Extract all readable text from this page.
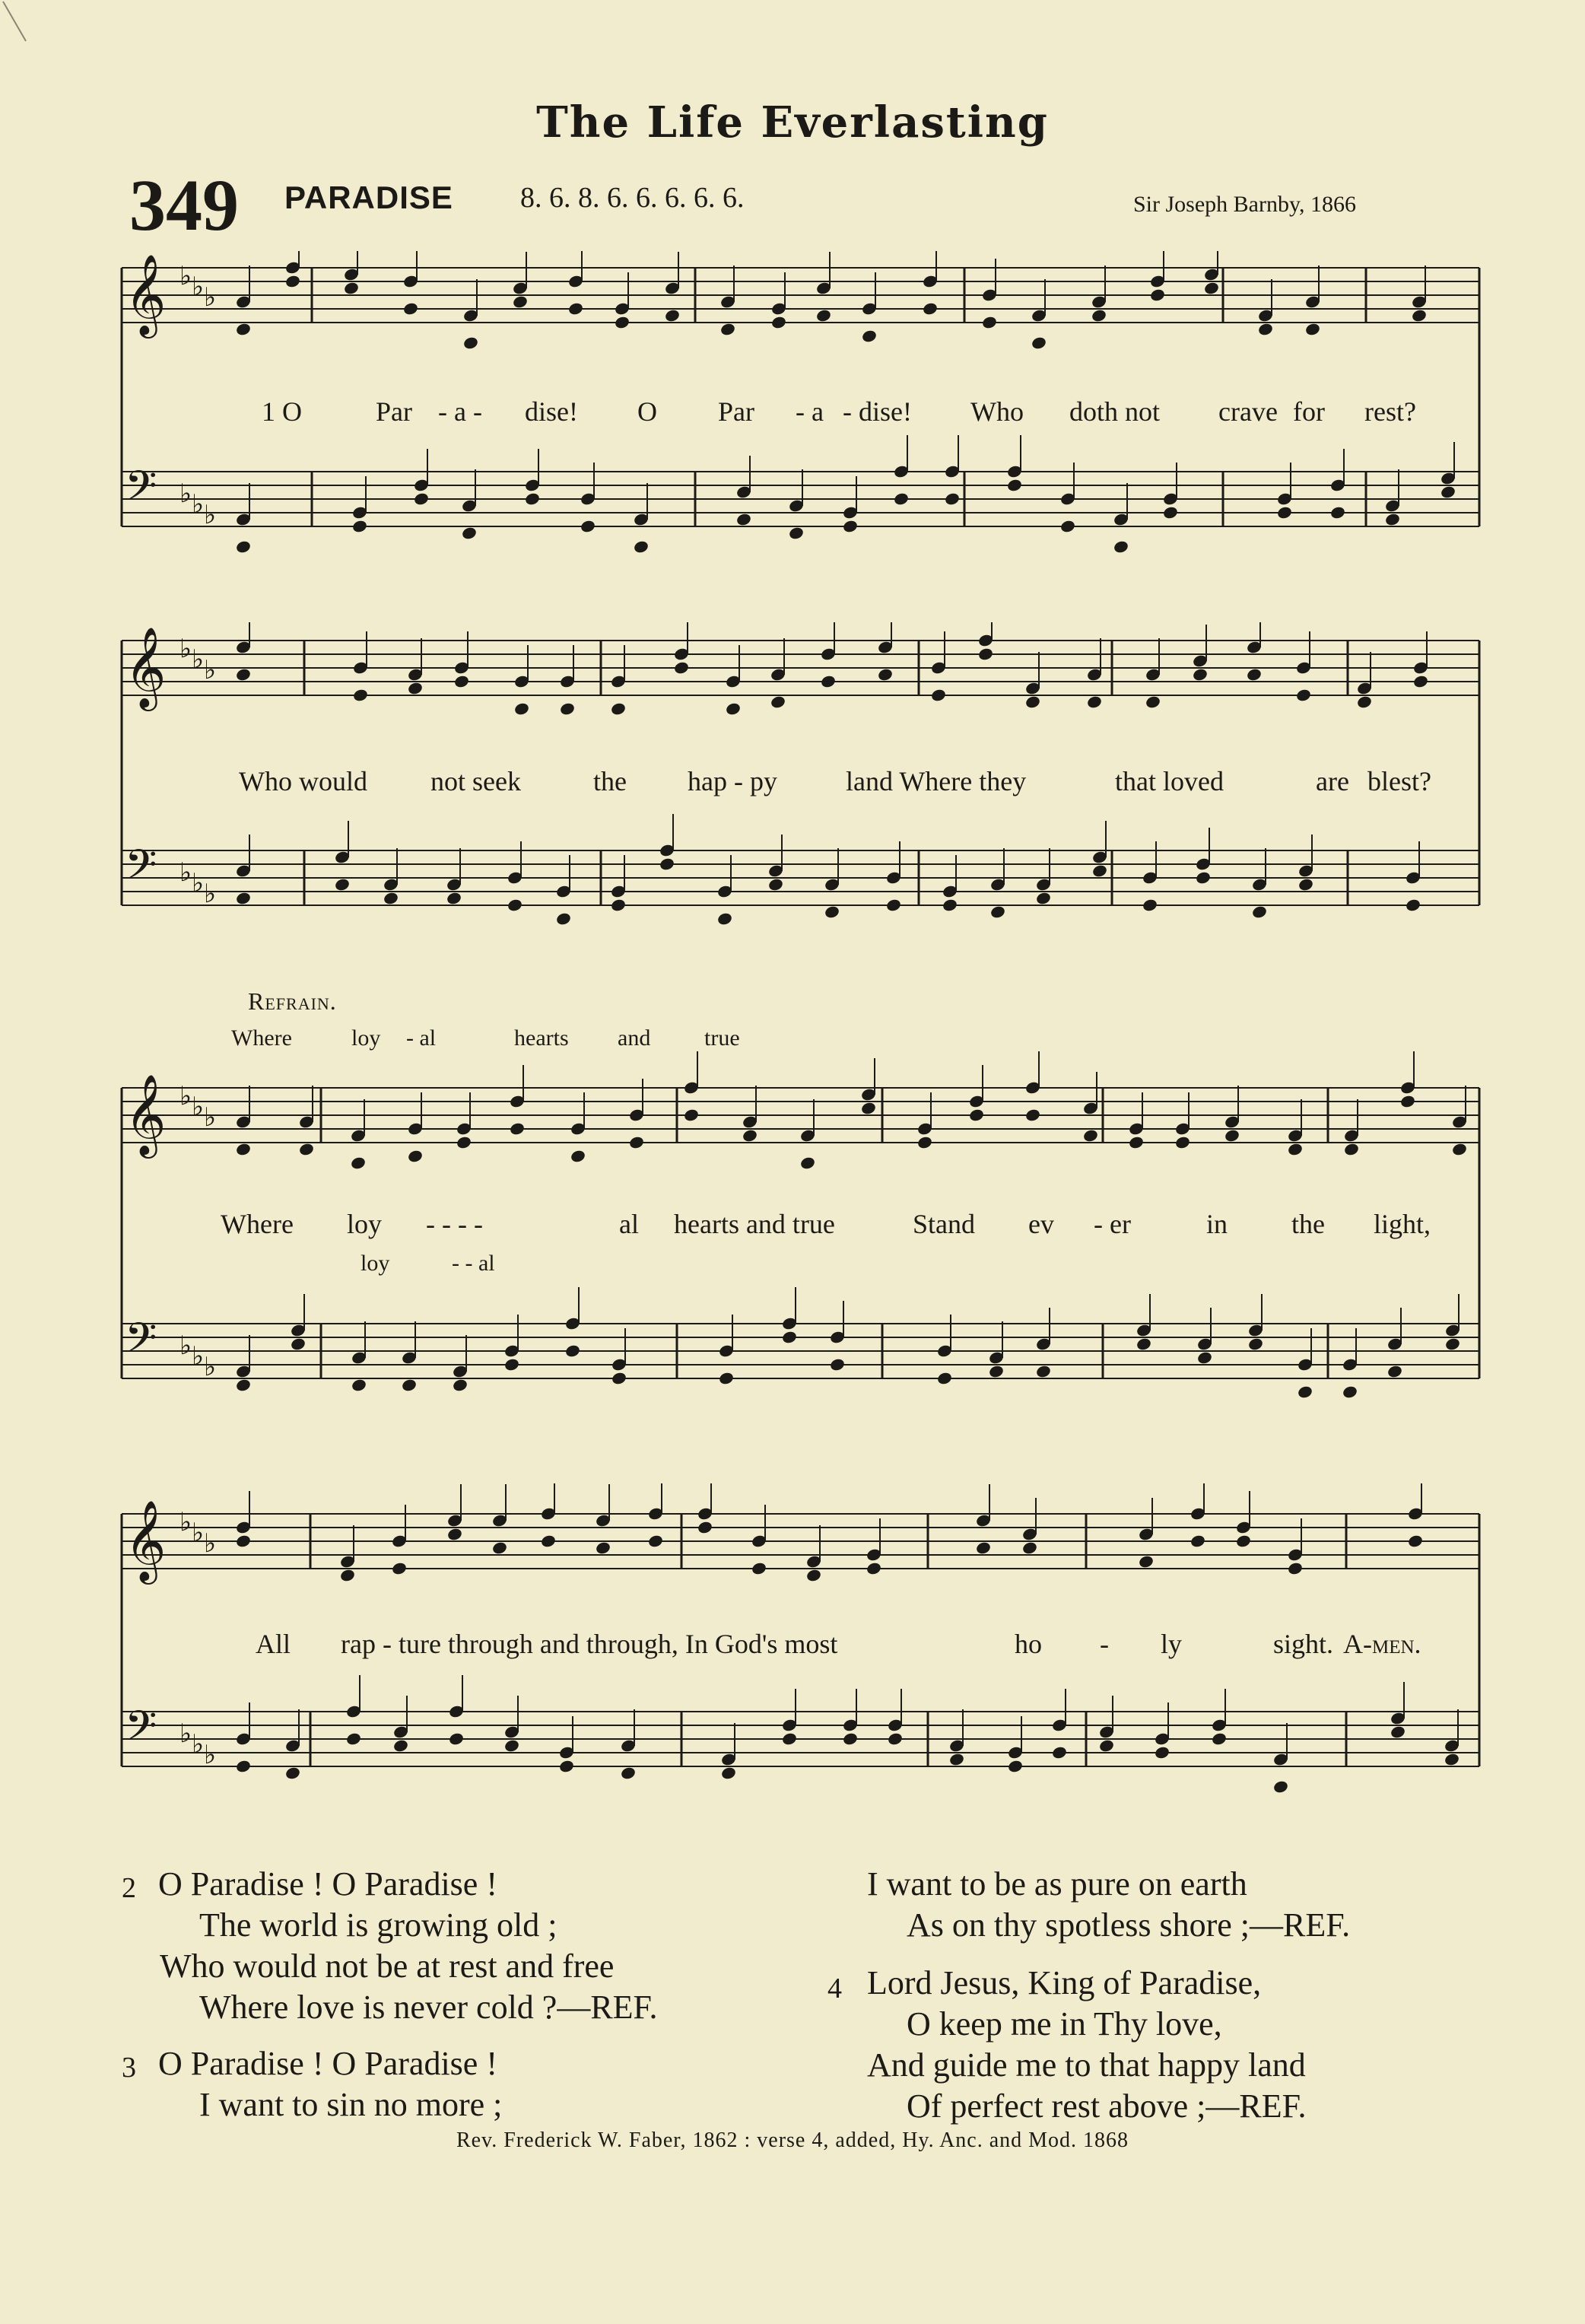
The Life Everlasting
349 PARADISE 8. 6. 8. 6. 6. 6. 6. 6.	Sir Joseph Barnby, 1866
𝄞 ♭ ♭ ♭
𝄢 ♭ ♭ ♭
𝄞 ♭ ♭ ♭
𝄢 ♭ ♭ ♭
𝄞 ♭ ♭ ♭
𝄢 ♭ ♭ ♭
𝄞 ♭ ♭ ♭
𝄢 ♭ ♭ ♭
1 O	Par - a - dise! O Par - a - dise! Who doth not crave for rest?
Who would not seek	the hap - py	land Where they	that loved	are blest?
Refrain.
Where	loy - al	hearts and true
Where loy - - - -	al hearts and true	Stand ev - er	in the light,
loy	- - al
All rap - ture through and through, In God's most	ho - ly	sight. A-men.
2 O Paradise ! O Paradise !
The world is growing old ;
Who would not be at rest and free
Where love is never cold ?—REF.
3 O Paradise ! O Paradise !
I want to sin no more ;
I want to be as pure on earth
As on thy spotless shore ;—REF.
4 Lord Jesus, King of Paradise,
O keep me in Thy love,
And guide me to that happy land
Of perfect rest above ;—REF.
Rev. Frederick W. Faber, 1862 : verse 4, added, Hy. Anc. and Mod. 1868
